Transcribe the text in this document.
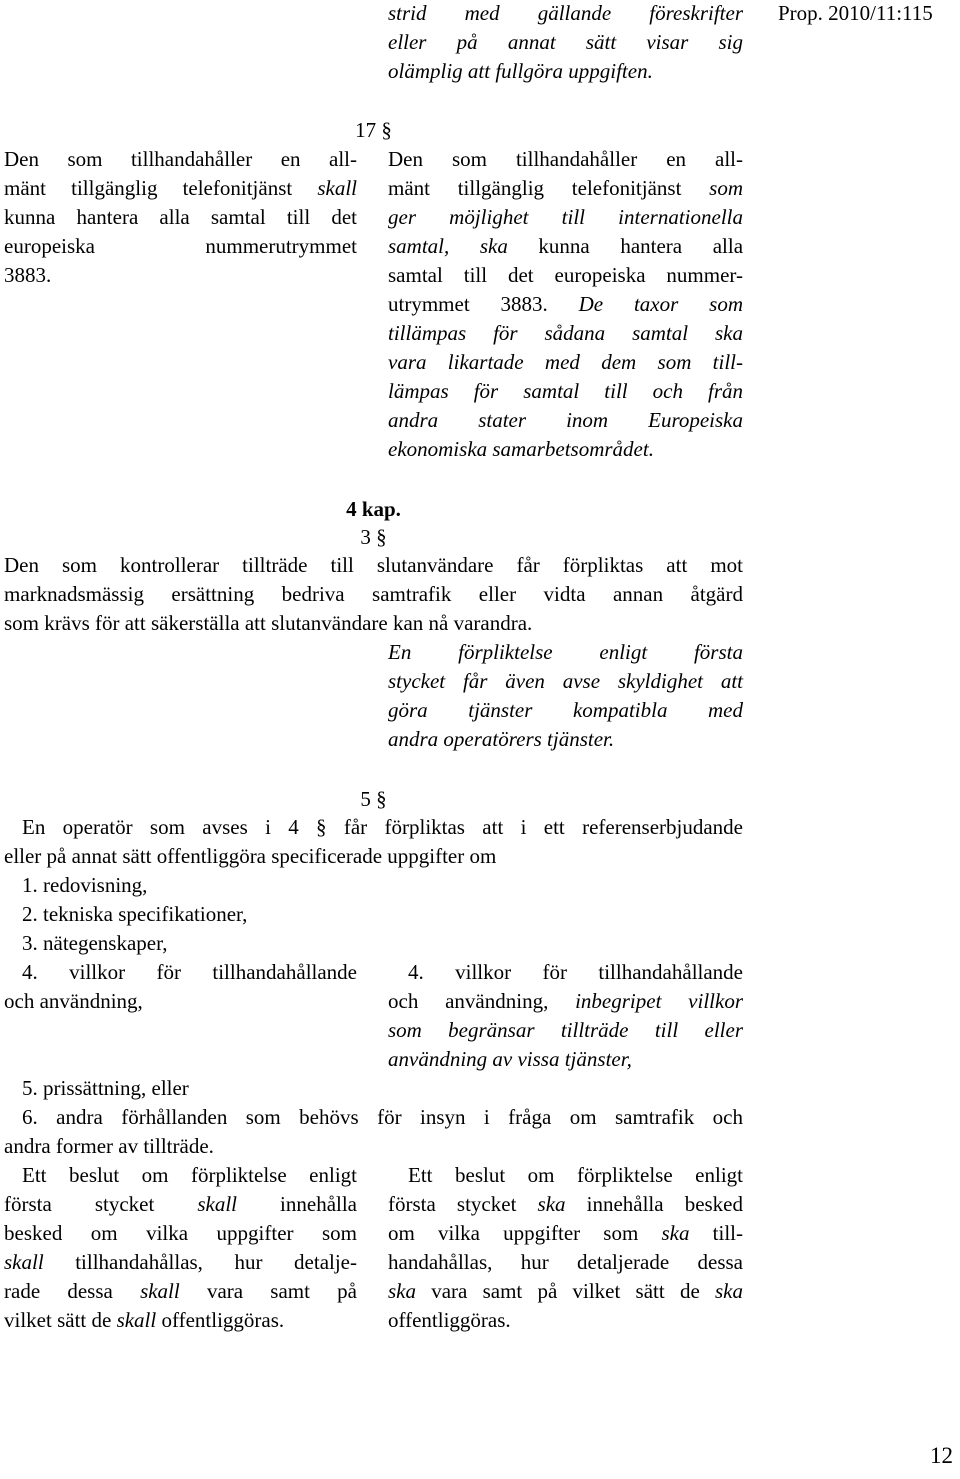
Prop. 2010/11:115
strid med gällande föreskrifter
eller på annat sätt visar sig
olämplig att fullgöra uppgiften.
17 §
Den som tillhandahåller en all-
mänt tillgänglig telefonitjänst skall
kunna hantera alla samtal till det
europeiska nummerutrymmet
3883.
Den som tillhandahåller en all-
mänt tillgänglig telefonitjänst som
ger möjlighet till internationella
samtal, ska kunna hantera alla
samtal till det europeiska nummer-
utrymmet 3883. De taxor som
tillämpas för sådana samtal ska
vara likartade med dem som till-
lämpas för samtal till och från
andra stater inom Europeiska
ekonomiska samarbetsområdet.
4 kap.
3 §
Den som kontrollerar tillträde till slutanvändare får förpliktas att mot
marknadsmässig ersättning bedriva samtrafik eller vidta annan åtgärd
som krävs för att säkerställa att slutanvändare kan nå varandra.
En förpliktelse enligt första
stycket får även avse skyldighet att
göra tjänster kompatibla med
andra operatörers tjänster.
5 §
En operatör som avses i 4 § får förpliktas att i ett referenserbjudande
eller på annat sätt offentliggöra specificerade uppgifter om
1. redovisning,
2. tekniska specifikationer,
3. nätegenskaper,
4. villkor för tillhandahållande
och användning,
4. villkor för tillhandahållande
och användning, inbegripet villkor
som begränsar tillträde till eller
användning av vissa tjänster,
5. prissättning, eller
6. andra förhållanden som behövs för insyn i fråga om samtrafik och
andra former av tillträde.
Ett beslut om förpliktelse enligt
första stycket skall innehålla
besked om vilka uppgifter som
skall tillhandahållas, hur detalje-
rade dessa skall vara samt på
vilket sätt de skall offentliggöras.
Ett beslut om förpliktelse enligt
första stycket ska innehålla besked
om vilka uppgifter som ska till-
handahållas, hur detaljerade dessa
ska vara samt på vilket sätt de ska
offentliggöras.
12
